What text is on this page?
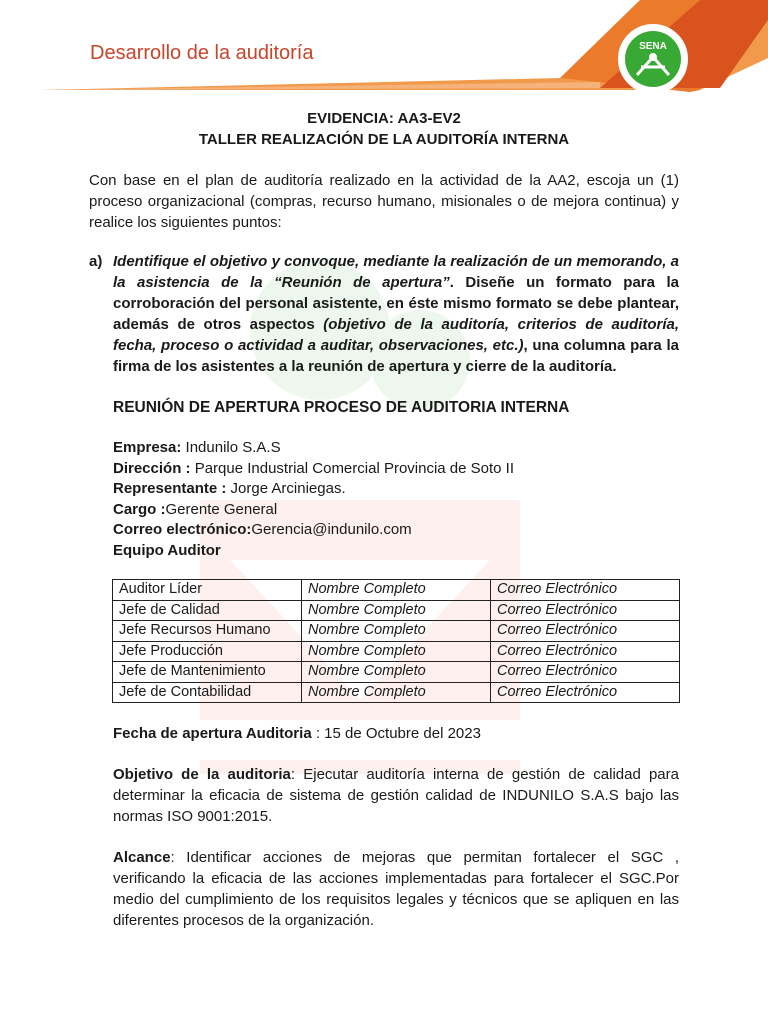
Desarrollo de la auditoría	SENA
EVIDENCIA: AA3-EV2
TALLER REALIZACIÓN DE LA AUDITORÍA INTERNA

Con base en el plan de auditoría realizado en la actividad de la AA2, escoja un (1) proceso organizacional (compras, recurso humano, misionales o de mejora continua) y realice los siguientes puntos:

a) Identifique el objetivo y convoque, mediante la realización de un memorando, a la asistencia de la “Reunión de apertura”. Diseñe un formato para la corroboración del personal asistente, en éste mismo formato se debe plantear, además de otros aspectos (objetivo de la auditoría, criterios de auditoría, fecha, proceso o actividad a auditar, observaciones, etc.), una columna para la firma de los asistentes a la reunión de apertura y cierre de la auditoría.
REUNIÓN DE APERTURA PROCESO DE AUDITORIA INTERNA
Empresa: Indunilo S.A.S
Dirección : Parque Industrial Comercial Provincia de Soto II
Representante : Jorge Arciniegas.
Cargo :Gerente General
Correo electrónico:Gerencia@indunilo.com
Equipo Auditor
Auditor Líder	Nombre Completo	Correo Electrónico
Jefe de Calidad	Nombre Completo	Correo Electrónico
Jefe Recursos Humano	Nombre Completo	Correo Electrónico
Jefe Producción	Nombre Completo	Correo Electrónico
Jefe de Mantenimiento	Nombre Completo	Correo Electrónico
Jefe de Contabilidad	Nombre Completo	Correo Electrónico
Fecha de apertura Auditoria : 15 de Octubre del 2023
Objetivo de la auditoria: Ejecutar auditoría interna de gestión de calidad para determinar la eficacia de sistema de gestión calidad de INDUNILO S.A.S bajo las normas ISO 9001:2015.
Alcance: Identificar acciones de mejoras que permitan fortalecer el SGC , verificando la eficacia de las acciones implementadas para fortalecer el SGC.Por medio del cumplimiento de los requisitos legales y técnicos que se apliquen en las diferentes procesos de la organización.
